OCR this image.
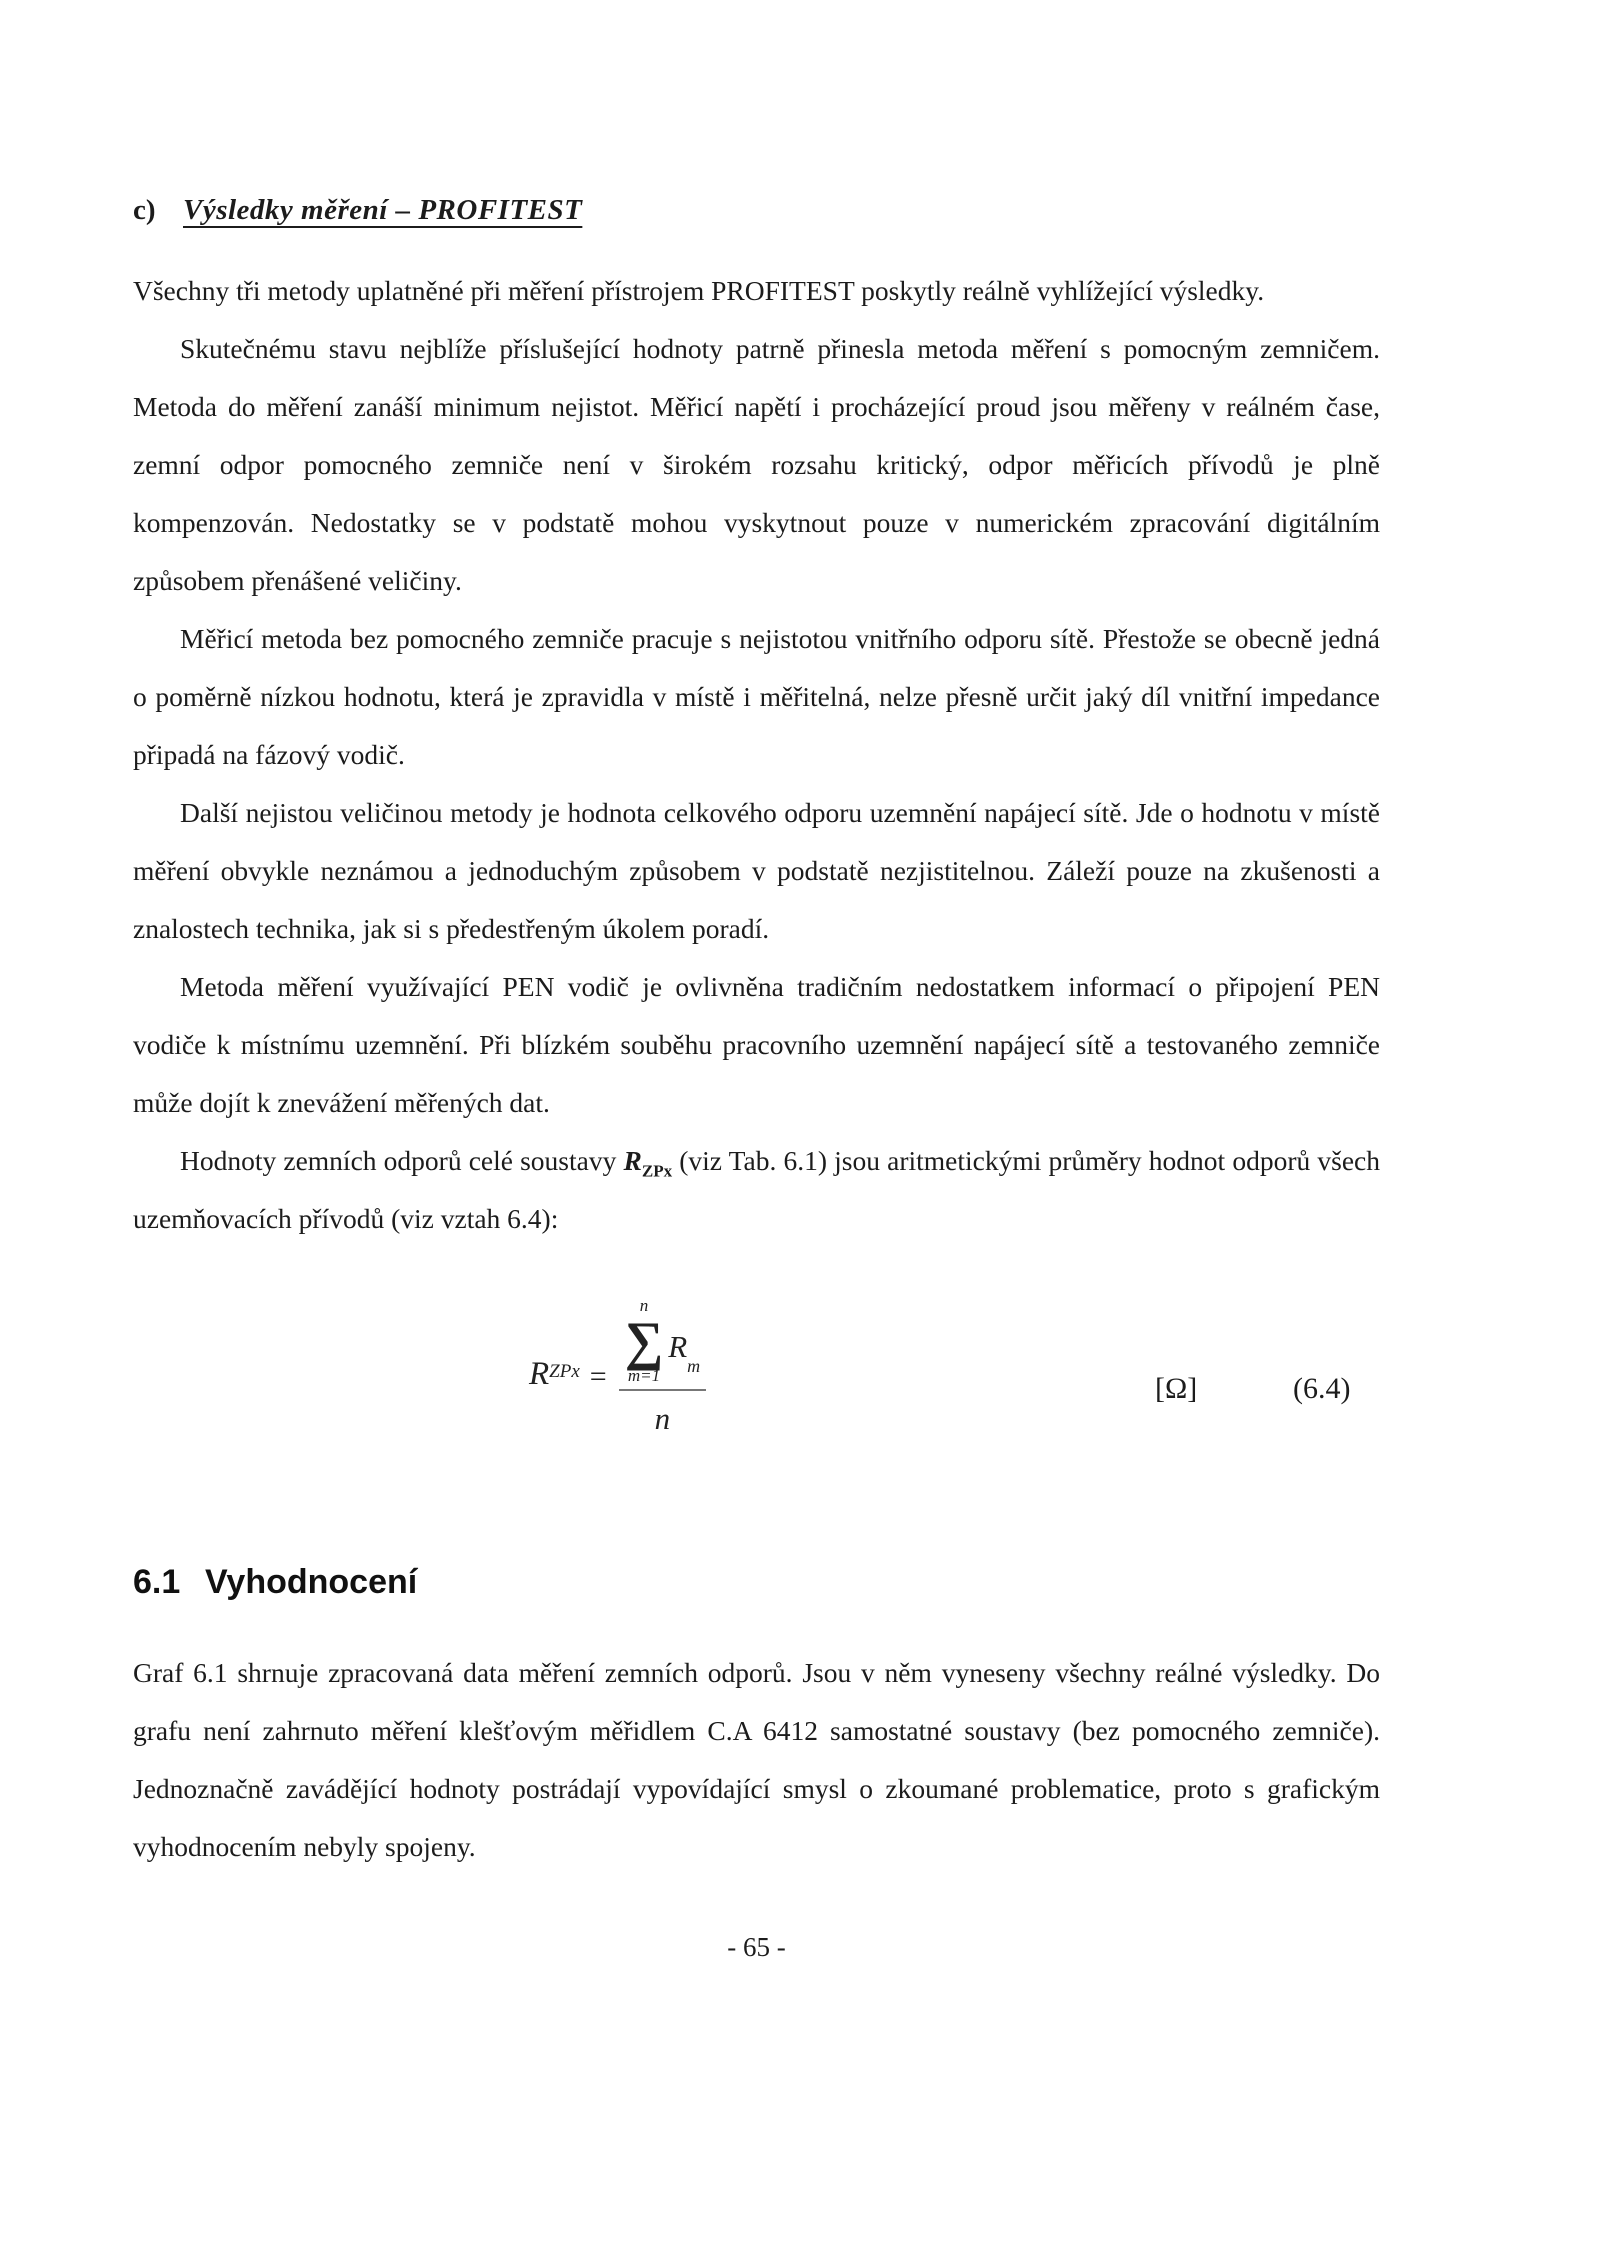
c) Výsledky měření – PROFITEST

Všechny tři metody uplatněné při měření přístrojem PROFITEST poskytly reálně vyhlížející výsledky.

Skutečnému stavu nejblíže příslušející hodnoty patrně přinesla metoda měření s pomocným zemničem. Metoda do měření zanáší minimum nejistot. Měřicí napětí i procházející proud jsou měřeny v reálném čase, zemní odpor pomocného zemniče není v širokém rozsahu kritický, odpor měřicích přívodů je plně kompenzován. Nedostatky se v podstatě mohou vyskytnout pouze v numerickém zpracování digitálním způsobem přenášené veličiny.

Měřicí metoda bez pomocného zemniče pracuje s nejistotou vnitřního odporu sítě. Přestože se obecně jedná o poměrně nízkou hodnotu, která je zpravidla v místě i měřitelná, nelze přesně určit jaký díl vnitřní impedance připadá na fázový vodič.

Další nejistou veličinou metody je hodnota celkového odporu uzemnění napájecí sítě. Jde o hodnotu v místě měření obvykle neznámou a jednoduchým způsobem v podstatě nezjistitelnou. Záleží pouze na zkušenosti a znalostech technika, jak si s předestřeným úkolem poradí.

Metoda měření využívající PEN vodič je ovlivněna tradičním nedostatkem informací o připojení PEN vodiče k místnímu uzemnění. Při blízkém souběhu pracovního uzemnění napájecí sítě a testovaného zemniče může dojít k znevážení měřených dat.

Hodnoty zemních odporů celé soustavy $R_{ZPx}$ (viz Tab. 6.1) jsou aritmetickými průměry hodnot odporů všech uzemňovacích přívodů (viz vztah 6.4):

$R_{ZPx} = n$
∑
m=1
$R_m$
n	[Ω]	(6.4)
6.1 Vyhodnocení

Graf 6.1 shrnuje zpracovaná data měření zemních odporů. Jsou v něm vyneseny všechny reálné výsledky. Do grafu není zahrnuto měření klešťovým měřidlem C.A 6412 samostatné soustavy (bez pomocného zemniče). Jednoznačně zavádějící hodnoty postrádají vypovídající smysl o zkoumané problematice, proto s grafickým vyhodnocením nebyly spojeny.

- 65 -
